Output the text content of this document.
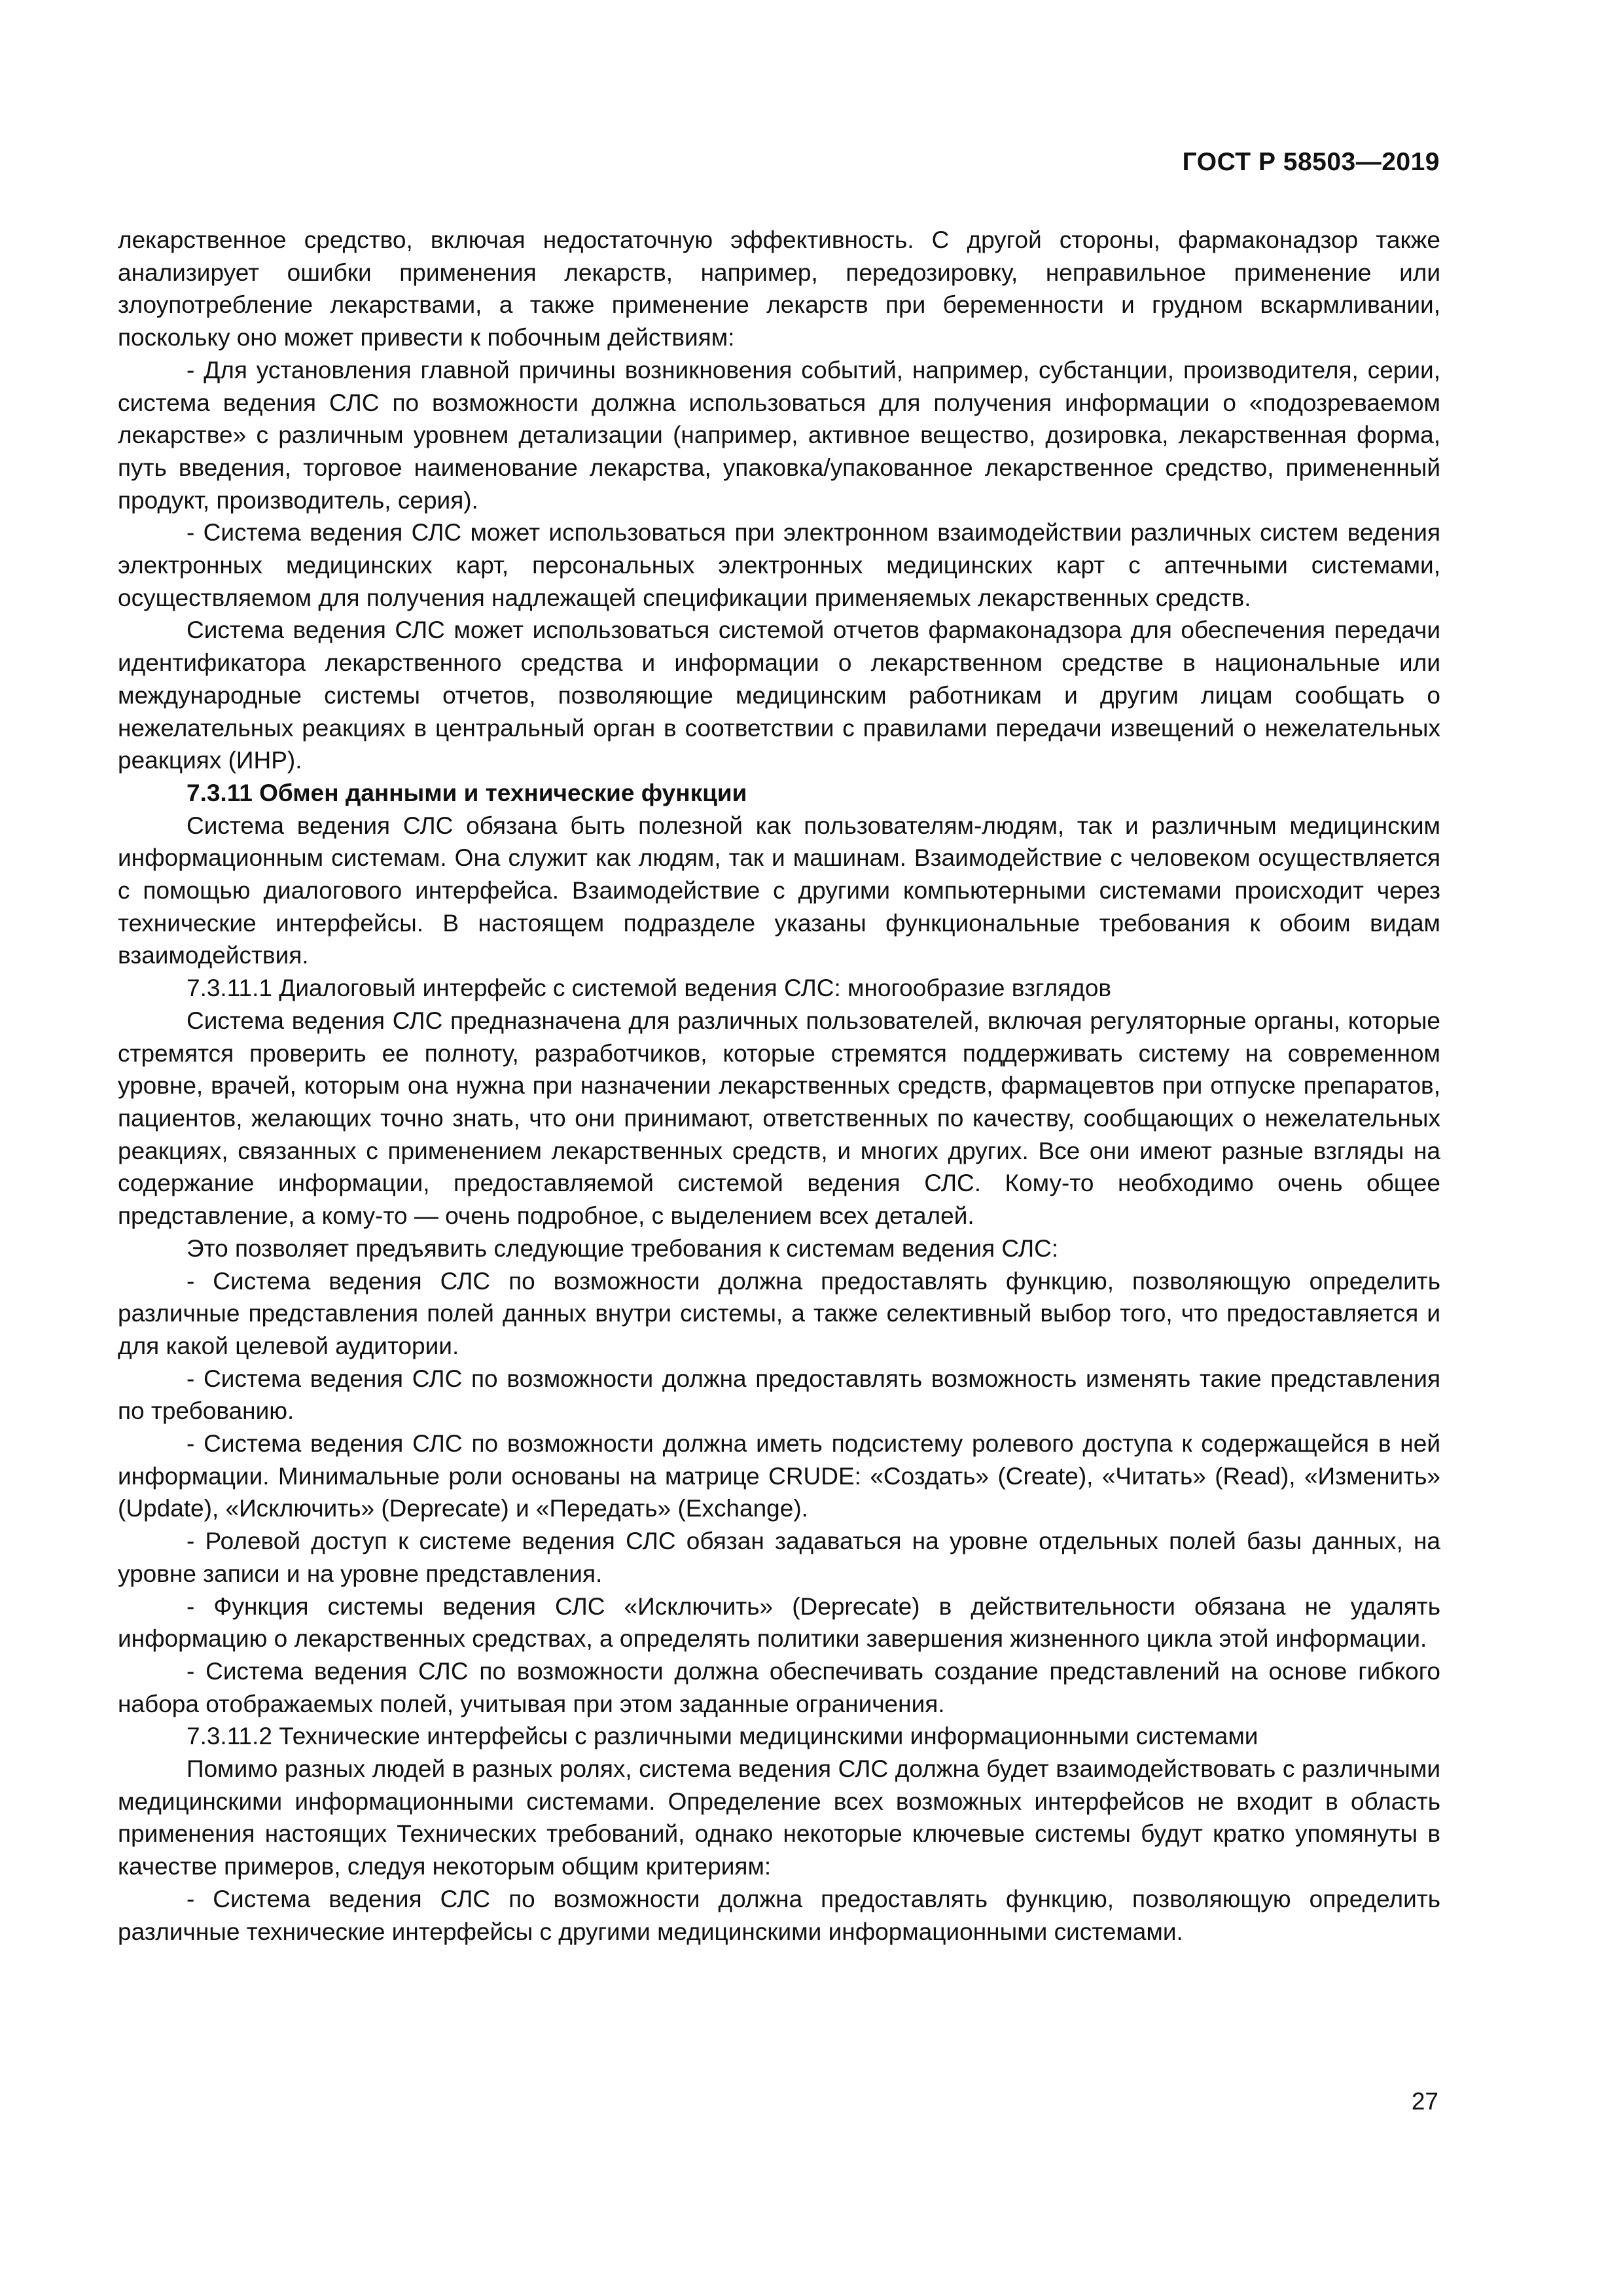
ГОСТ Р 58503—2019

лекарственное средство, включая недостаточную эффективность. С другой стороны, фармаконадзор также анализирует ошибки применения лекарств, например, передозировку, неправильное применение или злоупотребление лекарствами, а также применение лекарств при беременности и грудном вскармливании, поскольку оно может привести к побочным действиям:

- Для установления главной причины возникновения событий, например, субстанции, производителя, серии, система ведения СЛС по возможности должна использоваться для получения информации о «подозреваемом лекарстве» с различным уровнем детализации (например, активное вещество, дозировка, лекарственная форма, путь введения, торговое наименование лекарства, упаковка/упакованное лекарственное средство, примененный продукт, производитель, серия).

- Система ведения СЛС может использоваться при электронном взаимодействии различных систем ведения электронных медицинских карт, персональных электронных медицинских карт с аптечными системами, осуществляемом для получения надлежащей спецификации применяемых лекарственных средств.

Система ведения СЛС может использоваться системой отчетов фармаконадзора для обеспечения передачи идентификатора лекарственного средства и информации о лекарственном средстве в национальные или международные системы отчетов, позволяющие медицинским работникам и другим лицам сообщать о нежелательных реакциях в центральный орган в соответствии с правилами передачи извещений о нежелательных реакциях (ИНР).

7.3.11 Обмен данными и технические функции

Система ведения СЛС обязана быть полезной как пользователям-людям, так и различным медицинским информационным системам. Она служит как людям, так и машинам. Взаимодействие с человеком осуществляется с помощью диалогового интерфейса. Взаимодействие с другими компьютерными системами происходит через технические интерфейсы. В настоящем подразделе указаны функциональные требования к обоим видам взаимодействия.

7.3.11.1 Диалоговый интерфейс с системой ведения СЛС: многообразие взглядов

Система ведения СЛС предназначена для различных пользователей, включая регуляторные органы, которые стремятся проверить ее полноту, разработчиков, которые стремятся поддерживать систему на современном уровне, врачей, которым она нужна при назначении лекарственных средств, фармацевтов при отпуске препаратов, пациентов, желающих точно знать, что они принимают, ответственных по качеству, сообщающих о нежелательных реакциях, связанных с применением лекарственных средств, и многих других. Все они имеют разные взгляды на содержание информации, предоставляемой системой ведения СЛС. Кому-то необходимо очень общее представление, а кому-то — очень подробное, с выделением всех деталей.

Это позволяет предъявить следующие требования к системам ведения СЛС:

- Система ведения СЛС по возможности должна предоставлять функцию, позволяющую определить различные представления полей данных внутри системы, а также селективный выбор того, что предоставляется и для какой целевой аудитории.

- Система ведения СЛС по возможности должна предоставлять возможность изменять такие представления по требованию.

- Система ведения СЛС по возможности должна иметь подсистему ролевого доступа к содержащейся в ней информации. Минимальные роли основаны на матрице CRUDE: «Создать» (Create), «Читать» (Read), «Изменить» (Update), «Исключить» (Deprecate) и «Передать» (Exchange).

- Ролевой доступ к системе ведения СЛС обязан задаваться на уровне отдельных полей базы данных, на уровне записи и на уровне представления.

- Функция системы ведения СЛС «Исключить» (Deprecate) в действительности обязана не удалять информацию о лекарственных средствах, а определять политики завершения жизненного цикла этой информации.

- Система ведения СЛС по возможности должна обеспечивать создание представлений на основе гибкого набора отображаемых полей, учитывая при этом заданные ограничения.

7.3.11.2 Технические интерфейсы с различными медицинскими информационными системами

Помимо разных людей в разных ролях, система ведения СЛС должна будет взаимодействовать с различными медицинскими информационными системами. Определение всех возможных интерфейсов не входит в область применения настоящих Технических требований, однако некоторые ключевые системы будут кратко упомянуты в качестве примеров, следуя некоторым общим критериям:

- Система ведения СЛС по возможности должна предоставлять функцию, позволяющую определить различные технические интерфейсы с другими медицинскими информационными системами.

27
